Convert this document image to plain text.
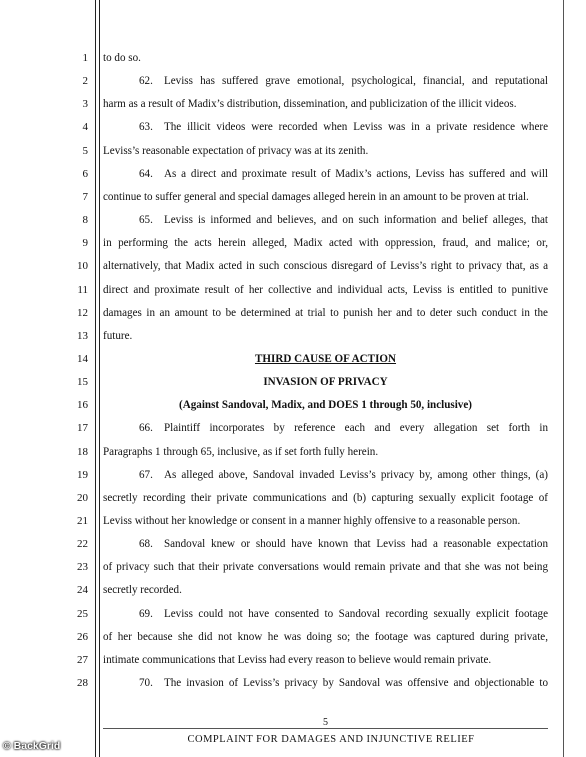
1
2
3
4
5
6
7
8
9
10
11
12
13
14
15
16
17
18
19
20
21
22
23
24
25
26
27
28
to do so.
62. Leviss has suffered grave emotional, psychological, financial, and reputational
harm as a result of Madix’s distribution, dissemination, and publicization of the illicit videos.
63. The illicit videos were recorded when Leviss was in a private residence where
Leviss’s reasonable expectation of privacy was at its zenith.
64. As a direct and proximate result of Madix’s actions, Leviss has suffered and will
continue to suffer general and special damages alleged herein in an amount to be proven at trial.
65. Leviss is informed and believes, and on such information and belief alleges, that
in performing the acts herein alleged, Madix acted with oppression, fraud, and malice; or,
alternatively, that Madix acted in such conscious disregard of Leviss’s right to privacy that, as a
direct and proximate result of her collective and individual acts, Leviss is entitled to punitive
damages in an amount to be determined at trial to punish her and to deter such conduct in the
future.
THIRD CAUSE OF ACTION
INVASION OF PRIVACY
(Against Sandoval, Madix, and DOES 1 through 50, inclusive)
66. Plaintiff incorporates by reference each and every allegation set forth in
Paragraphs 1 through 65, inclusive, as if set forth fully herein.
67. As alleged above, Sandoval invaded Leviss’s privacy by, among other things, (a)
secretly recording their private communications and (b) capturing sexually explicit footage of
Leviss without her knowledge or consent in a manner highly offensive to a reasonable person.
68. Sandoval knew or should have known that Leviss had a reasonable expectation
of privacy such that their private conversations would remain private and that she was not being
secretly recorded.
69. Leviss could not have consented to Sandoval recording sexually explicit footage
of her because she did not know he was doing so; the footage was captured during private,
intimate communications that Leviss had every reason to believe would remain private.
70. The invasion of Leviss’s privacy by Sandoval was offensive and objectionable to
5
COMPLAINT FOR DAMAGES AND INJUNCTIVE RELIEF
© BackGrid
